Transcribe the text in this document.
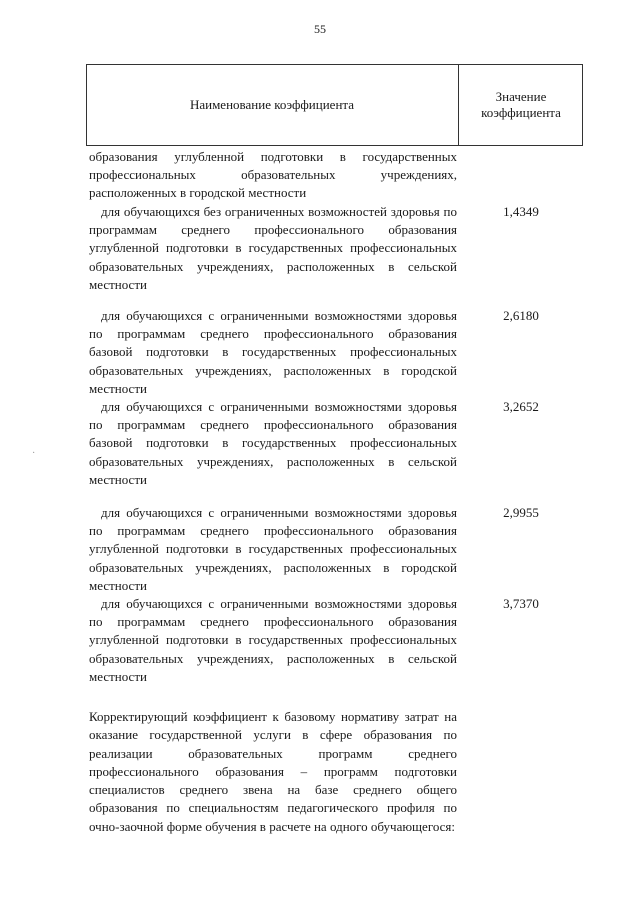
55
Наименование коэффициента
Значение коэффициента
образования углубленной подготовки в государственных профессиональных образовательных учреждениях, расположенных в городской местности
для обучающихся без ограниченных возможностей здоровья по программам среднего профессионального образования углубленной подготовки в государственных профессиональных образовательных учреждениях, расположенных в сельской местности
1,4349
для обучающихся с ограниченными возможностями здоровья по программам среднего профессионального образования базовой подготовки в государственных профессиональных образовательных учреждениях, расположенных в городской местности
2,6180
для обучающихся с ограниченными возможностями здоровья по программам среднего профессионального образования базовой подготовки в государственных профессиональных образовательных учреждениях, расположенных в сельской местности
3,2652
для обучающихся с ограниченными возможностями здоровья по программам среднего профессионального образования углубленной подготовки в государственных профессиональных образовательных учреждениях, расположенных в городской местности
2,9955
для обучающихся с ограниченными возможностями здоровья по программам среднего профессионального образования углубленной подготовки в государственных профессиональных образовательных учреждениях, расположенных в сельской местности
3,7370
Корректирующий коэффициент к базовому нормативу затрат на оказание государственной услуги в сфере образования по реализации образовательных программ среднего профессионального образования – программ подготовки специалистов среднего звена на базе среднего общего образования по специальностям педагогического профиля по очно-заочной форме обучения в расчете на одного обучающегося:
·
